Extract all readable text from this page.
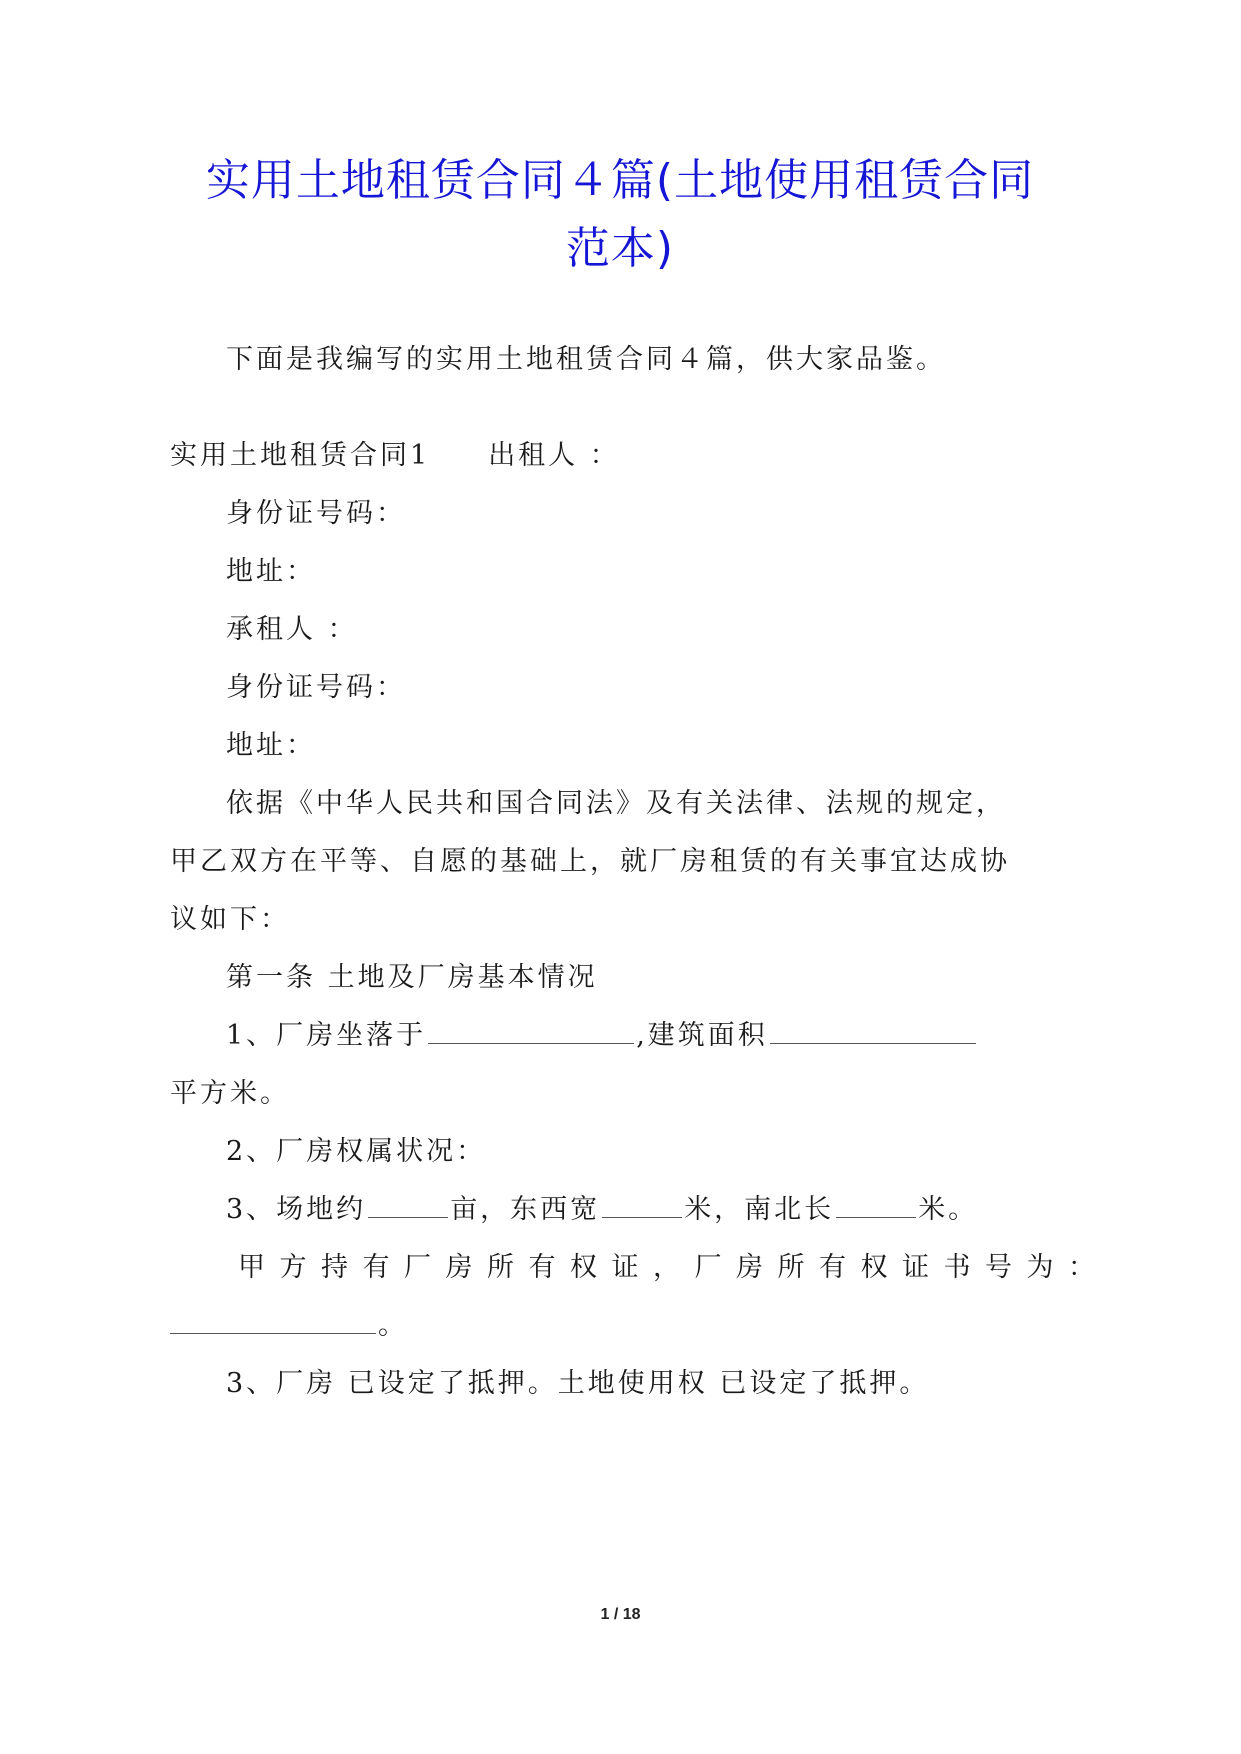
实用土地租赁合同４篇(土地使用租赁合同
范本)

下面是我编写的实用土地租赁合同４篇，供大家品鉴。

实用土地租赁合同1 出租人 ：

身份证号码：

地址：

承租人 ：

身份证号码：

地址：

依据《中华人民共和国合同法》及有关法律、法规的规定，

甲乙双方在平等、自愿的基础上，就厂房租赁的有关事宜达成协

议如下：

第一条 土地及厂房基本情况

1、厂房坐落于	,建筑面积

平方米。

2、厂房权属状况：

3、场地约	亩，东西宽	米，南北长	米。

甲方持有厂房所有权证，厂房所有权证书号为：

。

3、厂房 已设定了抵押。土地使用权 已设定了抵押。

1 / 18
